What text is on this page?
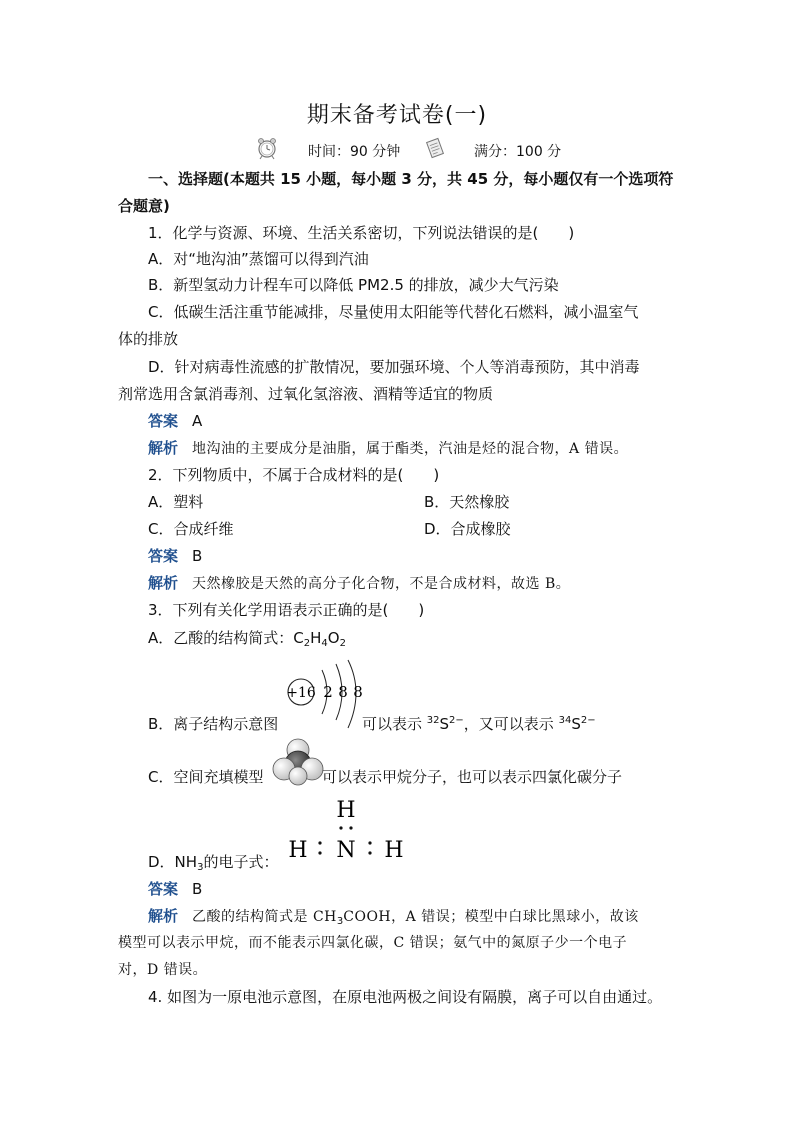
期末备考试卷(一)
时间：90 分钟	满分：100 分
一、选择题(本题共 15 小题，每小题 3 分，共 45 分，每小题仅有一个选项符
合题意)
1．化学与资源、环境、生活关系密切，下列说法错误的是(　　)
A．对“地沟油”蒸馏可以得到汽油
B．新型氢动力计程车可以降低 PM2.5 的排放，减少大气污染
C．低碳生活注重节能减排，尽量使用太阳能等代替化石燃料，减小温室气
体的排放
D．针对病毒性流感的扩散情况，要加强环境、个人等消毒预防，其中消毒
剂常选用含氯消毒剂、过氧化氢溶液、酒精等适宜的物质
答案 A
解析 地沟油的主要成分是油脂，属于酯类，汽油是烃的混合物，A 错误。
2．下列物质中，不属于合成材料的是(　　)
A．塑料	B．天然橡胶
C．合成纤维	D．合成橡胶
答案 B
解析 天然橡胶是天然的高分子化合物，不是合成材料，故选 B。
3．下列有关化学用语表示正确的是(　　)
A．乙酸的结构简式：$C_2H_4O_2$
+16 2 8 8
B．离子结构示意图	可以表示 $^{32}S^{2-}$，又可以表示 $^{34}S^{2-}$
C．空间充填模型	可以表示甲烷分子，也可以表示四氯化碳分子
D．$NH_3$的电子式：
H
H N H
答案 B
解析 乙酸的结构简式是 $CH_3COOH$，A 错误；模型中白球比黑球小，故该
模型可以表示甲烷，而不能表示四氯化碳，C 错误；氨气中的氮原子少一个电子
对，D 错误。
4. 如图为一原电池示意图，在原电池两极之间设有隔膜，离子可以自由通过。
